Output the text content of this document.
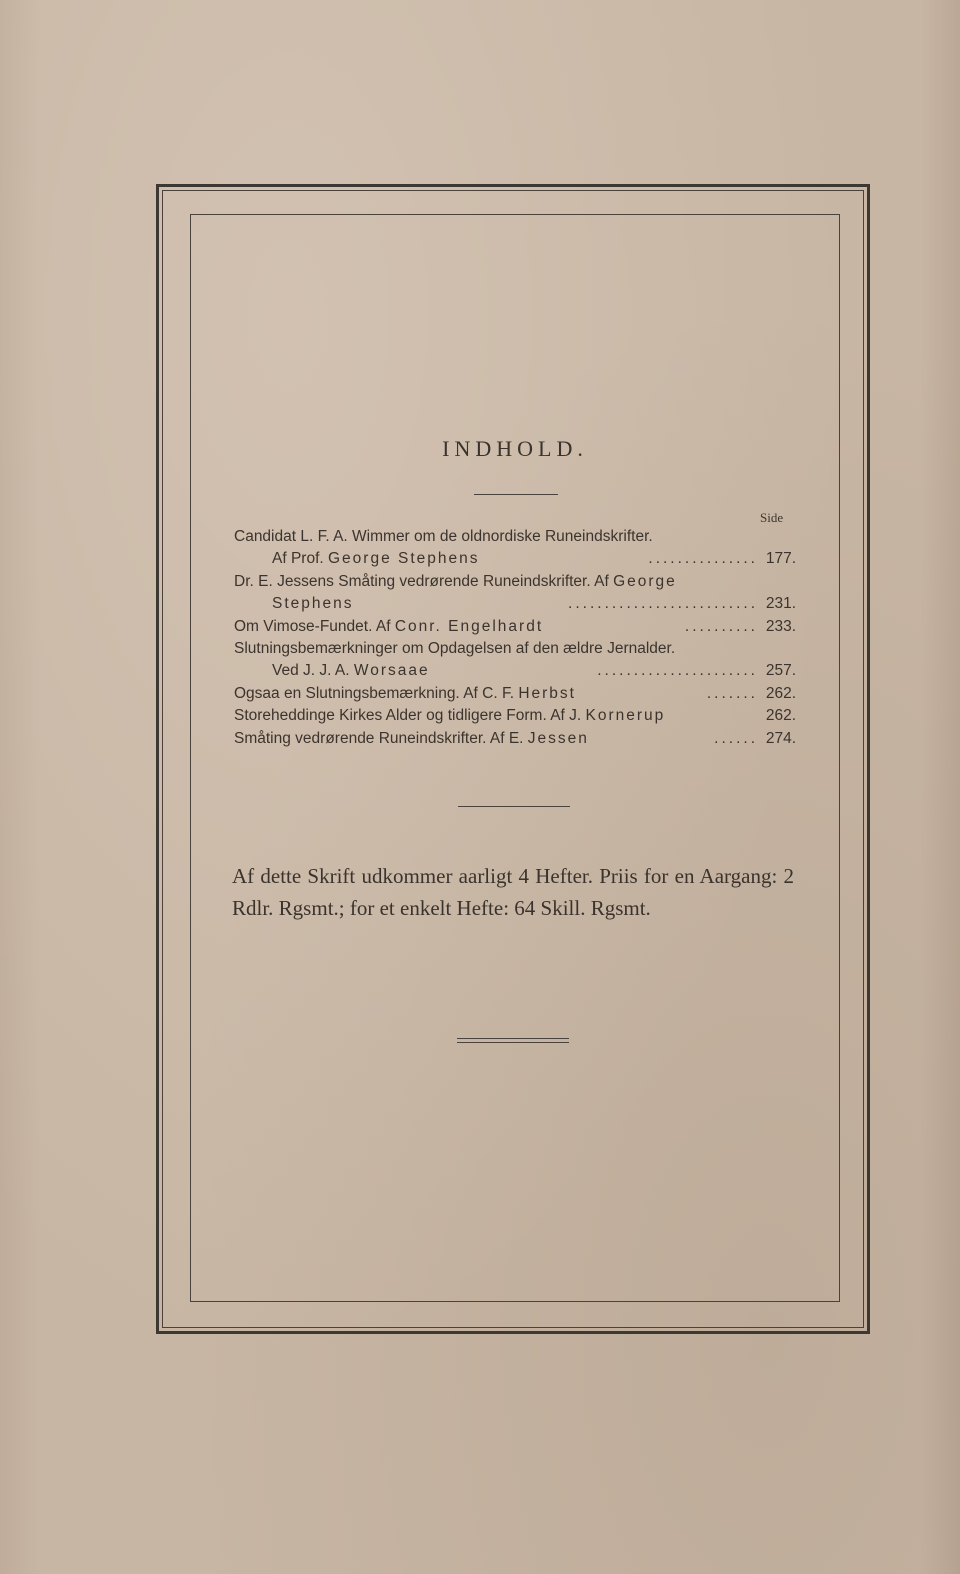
INDHOLD.
Side
Candidat L. F. A. Wimmer om de oldnordiske Runeindskrifter.
Af Prof. George Stephens	............... 177.
Dr. E. Jessens Småting vedrørende Runeindskrifter. Af George
Stephens	.......................... 231.
Om Vimose-Fundet. Af Conr. Engelhardt	.......... 233.
Slutningsbemærkninger om Opdagelsen af den ældre Jernalder.
Ved J. J. A. Worsaae	...................... 257.
Ogsaa en Slutningsbemærkning. Af C. F. Herbst	....... 262.
Storeheddinge Kirkes Alder og tidligere Form. Af J. Kornerup	262.
Småting vedrørende Runeindskrifter. Af E. Jessen	...... 274.
Af dette Skrift udkommer aarligt 4 Hefter. Priis for en Aargang: 2 Rdlr. Rgsmt.; for et enkelt Hefte: 64 Skill. Rgsmt.
